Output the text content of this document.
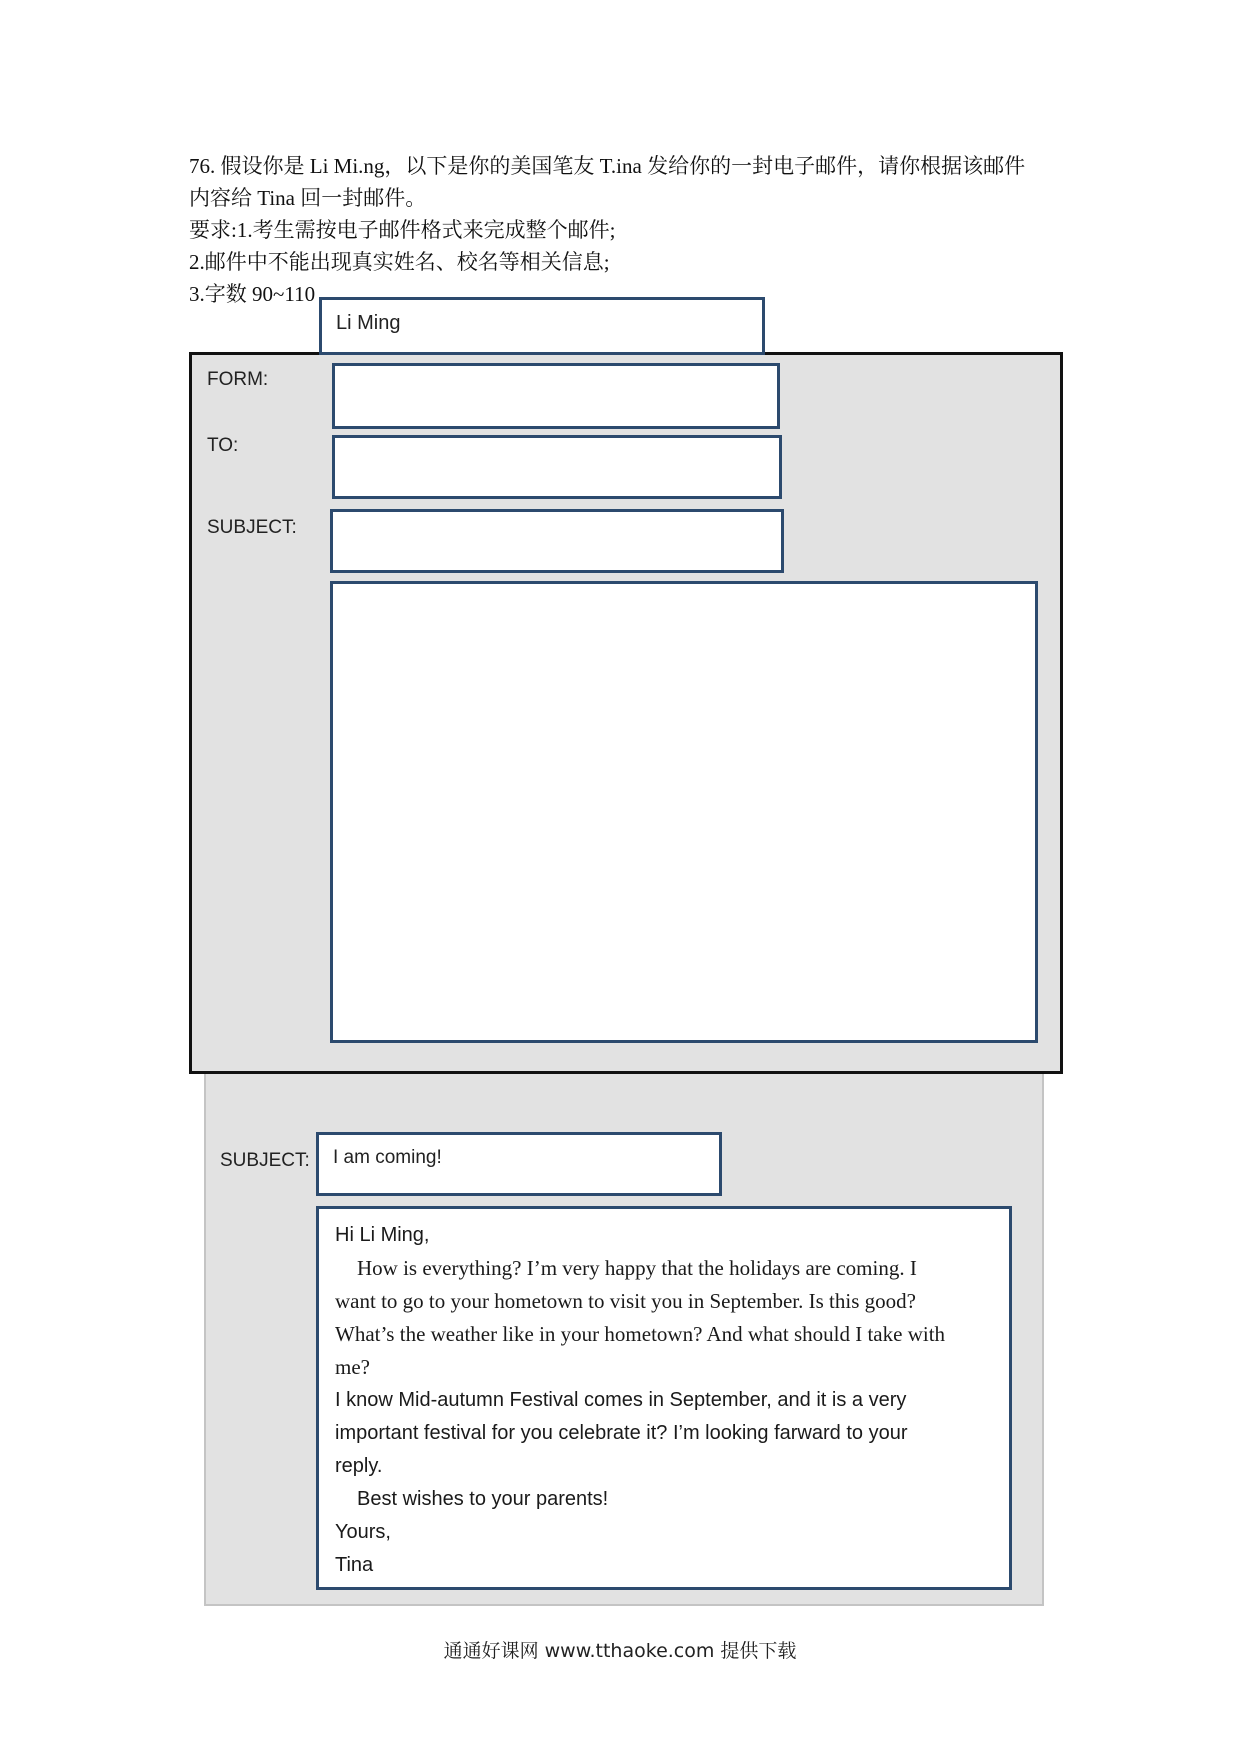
76. 假设你是 Li Mi.ng，以下是你的美国笔友 T.ina 发给你的一封电子邮件，请你根据该邮件
内容给 Tina 回一封邮件。
要求:1.考生需按电子邮件格式来完成整个邮件;
2.邮件中不能出现真实姓名、校名等相关信息;
3.字数 90~110
SUBJECT: I am coming!
Hi Li Ming,
How is everything? I’m very happy that the holidays are coming. I
want to go to your hometown to visit you in September. Is this good?
What’s the weather like in your hometown? And what should I take with
me?
I know Mid-autumn Festival comes in September, and it is a very
important festival for you celebrate it? I’m looking farward to your
reply.
Best wishes to your parents!
Yours,
Tina
FORM:
TO:
SUBJECT:
Li Ming
通通好课网 www.tthaoke.com 提供下载
